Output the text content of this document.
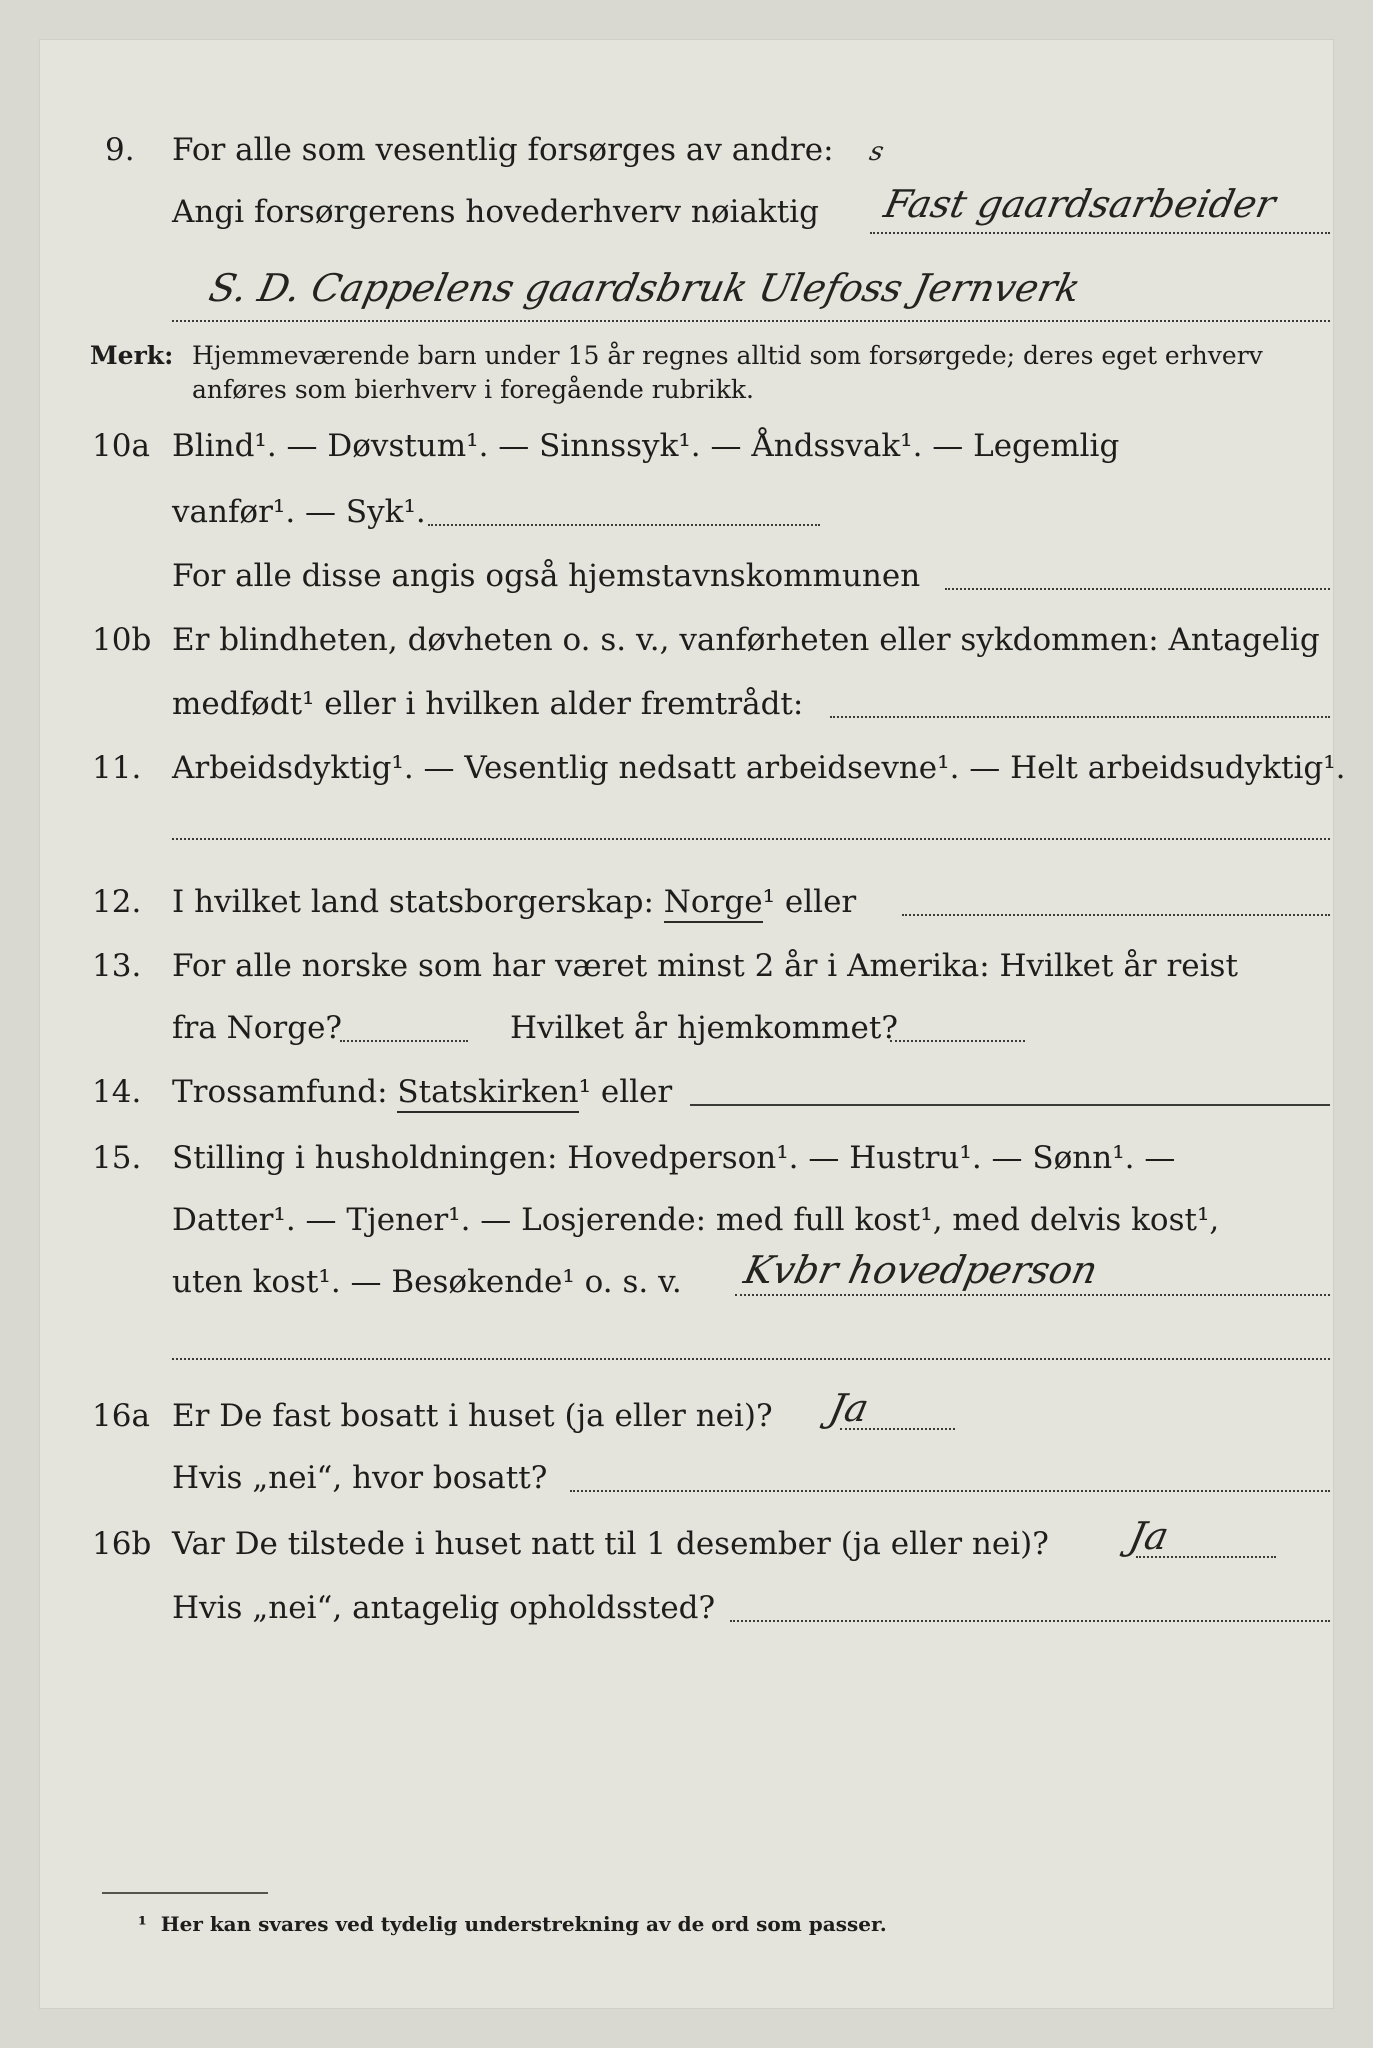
9. For alle som vesentlig forsørges av andre: s
Angi forsørgerens hovederhverv nøiaktig Fast gaardsarbeider
S. D. Cappelens gaardsbruk Ulefoss Jernverk
Merk: Hjemmeværende barn under 15 år regnes alltid som forsørgede; deres eget erhverv
anføres som bierhverv i foregående rubrikk.
10a Blind¹. — Døvstum¹. — Sinnssyk¹. — Åndssvak¹. — Legemlig
vanfør¹. — Syk¹.
For alle disse angis også hjemstavnskommunen
10b Er blindheten, døvheten o. s. v., vanførheten eller sykdommen: Antagelig
medfødt¹ eller i hvilken alder fremtrådt:
11. Arbeidsdyktig¹. — Vesentlig nedsatt arbeidsevne¹. — Helt arbeidsudyktig¹.
12. I hvilket land statsborgerskap: Norge¹ eller
13. For alle norske som har været minst 2 år i Amerika: Hvilket år reist
fra Norge?	Hvilket år hjemkommet?
14. Trossamfund: Statskirken¹ eller
15. Stilling i husholdningen: Hovedperson¹. — Hustru¹. — Sønn¹. —
Datter¹. — Tjener¹. — Losjerende: med full kost¹, med delvis kost¹,
uten kost¹. — Besøkende¹ o. s. v. Kvbr hovedperson
16a Er De fast bosatt i huset (ja eller nei)? Ja
Hvis „nei“, hvor bosatt?
16b Var De tilstede i huset natt til 1 desember (ja eller nei)? Ja
Hvis „nei“, antagelig opholdssted?
¹ Her kan svares ved tydelig understrekning av de ord som passer.
